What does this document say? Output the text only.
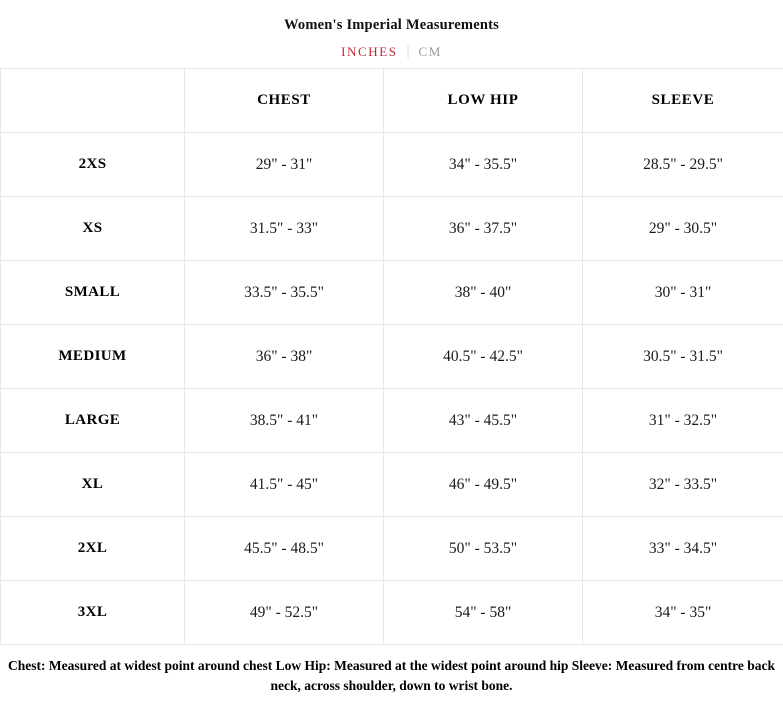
Women's Imperial Measurements
INCHES | CM
	CHEST	LOW HIP	SLEEVE
2XS	29" - 31"	34" - 35.5"	28.5" - 29.5"
XS	31.5" - 33"	36" - 37.5"	29" - 30.5"
SMALL	33.5" - 35.5"	38" - 40"	30" - 31"
MEDIUM	36" - 38"	40.5" - 42.5"	30.5" - 31.5"
LARGE	38.5" - 41"	43" - 45.5"	31" - 32.5"
XL	41.5" - 45"	46" - 49.5"	32" - 33.5"
2XL	45.5" - 48.5"	50" - 53.5"	33" - 34.5"
3XL	49" - 52.5"	54" - 58"	34" - 35"
Chest: Measured at widest point around chest Low Hip: Measured at the widest point around hip Sleeve: Measured from centre back neck, across shoulder, down to wrist bone.
